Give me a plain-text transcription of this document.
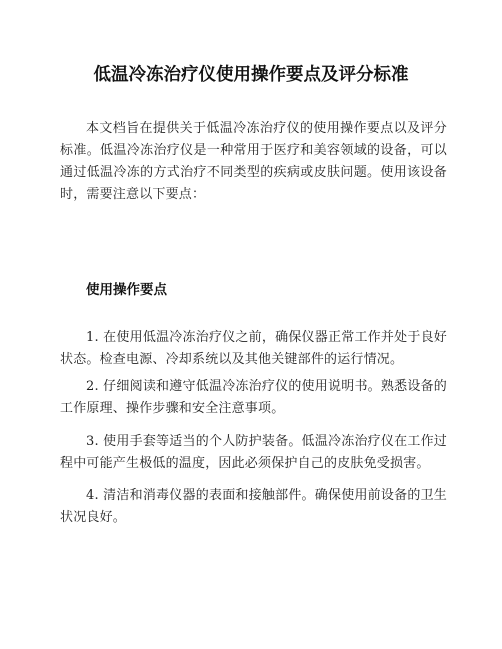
低温冷冻治疗仪使用操作要点及评分标准

本文档旨在提供关于低温冷冻治疗仪的使用操作要点以及评分标准。低温冷冻治疗仪是一种常用于医疗和美容领域的设备，可以通过低温冷冻的方式治疗不同类型的疾病或皮肤问题。使用该设备时，需要注意以下要点：

使用操作要点

1. 在使用低温冷冻治疗仪之前，确保仪器正常工作并处于良好状态。检查电源、冷却系统以及其他关键部件的运行情况。

2. 仔细阅读和遵守低温冷冻治疗仪的使用说明书。熟悉设备的工作原理、操作步骤和安全注意事项。

3. 使用手套等适当的个人防护装备。低温冷冻治疗仪在工作过程中可能产生极低的温度，因此必须保护自己的皮肤免受损害。

4. 清洁和消毒仪器的表面和接触部件。确保使用前设备的卫生状况良好。
